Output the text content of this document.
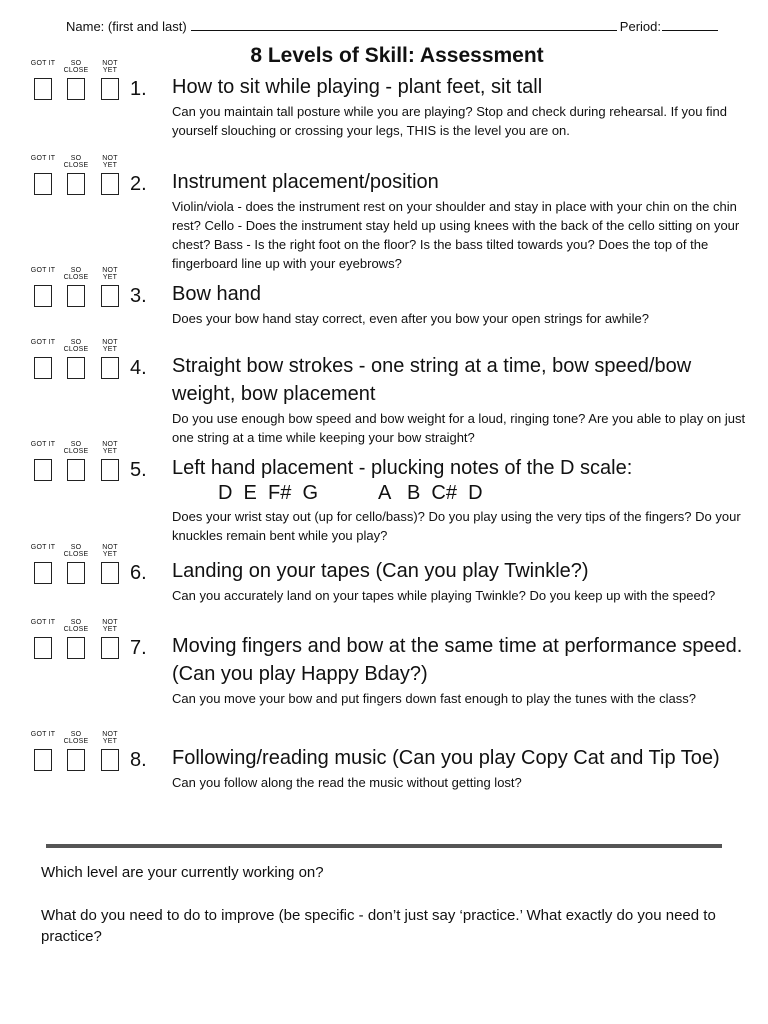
Name: (first and last)	Period:
8 Levels of Skill: Assessment
GOT IT	SO CLOSE
NOT YET
1. How to sit while playing - plant feet, sit tall
Can you maintain tall posture while you are playing? Stop and check during rehearsal. If you find yourself slouching or crossing your legs, THIS is the level you are on.
GOT IT	SO CLOSE
NOT YET
2. Instrument placement/position
Violin/viola - does the instrument rest on your shoulder and stay in place with your chin on the chin rest? Cello - Does the instrument stay held up using knees with the back of the cello sitting on your chest? Bass - Is the right foot on the floor? Is the bass tilted towards you? Does the top of the fingerboard line up with your eyebrows?
GOT IT	SO CLOSE
NOT YET
3. Bow hand
Does your bow hand stay correct, even after you bow your open strings for awhile?
GOT IT	SO CLOSE
NOT YET
4. Straight bow strokes - one string at a time, bow speed/bow weight, bow placement
Do you use enough bow speed and bow weight for a loud, ringing tone? Are you able to play on just one string at a time while keeping your bow straight?
GOT IT	SO CLOSE
NOT YET
5. Left hand placement - plucking notes of the D scale:
D  E  F#  G           A   B  C#  D
Does your wrist stay out (up for cello/bass)? Do you play using the very tips of the fingers? Do your knuckles remain bent while you play?
GOT IT	SO CLOSE
NOT YET
6. Landing on your tapes (Can you play Twinkle?)
Can you accurately land on your tapes while playing Twinkle? Do you keep up with the speed?
GOT IT	SO CLOSE
NOT YET
7. Moving fingers and bow at the same time at performance speed. (Can you play Happy Bday?)
Can you move your bow and put fingers down fast enough to play the tunes with the class?
GOT IT	SO CLOSE
NOT YET
8. Following/reading music (Can you play Copy Cat and Tip Toe)
Can you follow along the read the music without getting lost?
Which level are your currently working on?
What do you need to do to improve (be specific - don’t just say ‘practice.’ What exactly do you need to practice?
